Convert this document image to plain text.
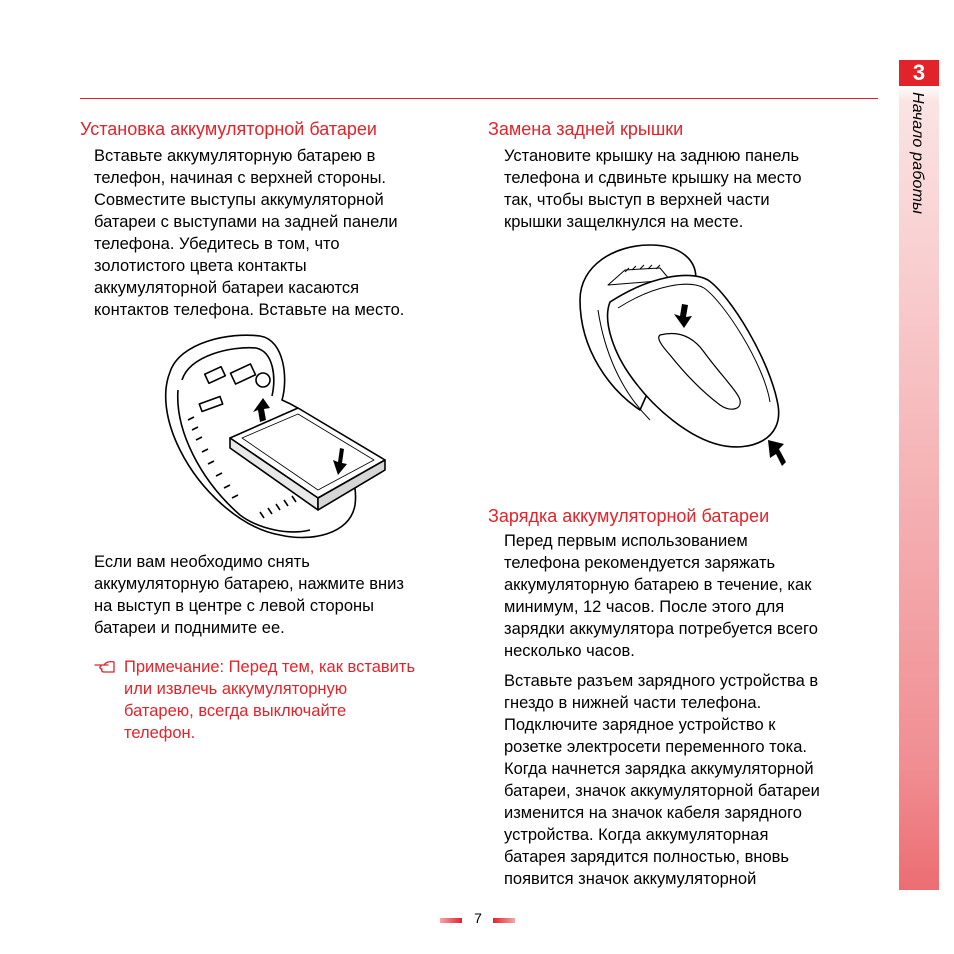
3
Начало работы
Установка аккумуляторной батареи
Вставьте аккумуляторную батарею в
телефон, начиная с верхней стороны.
Совместите выступы аккумуляторной
батареи с выступами на задней панели
телефона. Убедитесь в том, что
золотистого цвета контакты
аккумуляторной батареи касаются
контактов телефона. Вставьте на место.
Если вам необходимо снять
аккумуляторную батарею, нажмите вниз
на выступ в центре с левой стороны
батареи и поднимите ее.
Примечание: Перед тем, как вставить
или извлечь аккумуляторную
батарею, всегда выключайте
телефон.
Замена задней крышки
Установите крышку на заднюю панель
телефона и сдвиньте крышку на место
так, чтобы выступ в верхней части
крышки защелкнулся на месте.
Зарядка аккумуляторной батареи
Перед первым использованием
телефона рекомендуется заряжать
аккумуляторную батарею в течение, как
минимум, 12 часов. После этого для
зарядки аккумулятора потребуется всего
несколько часов.
Вставьте разъем зарядного устройства в
гнездо в нижней части телефона.
Подключите зарядное устройство к
розетке электросети переменного тока.
Когда начнется зарядка аккумуляторной
батареи, значок аккумуляторной батареи
изменится на значок кабеля зарядного
устройства. Когда аккумуляторная
батарея зарядится полностью, вновь
появится значок аккумуляторной
7
